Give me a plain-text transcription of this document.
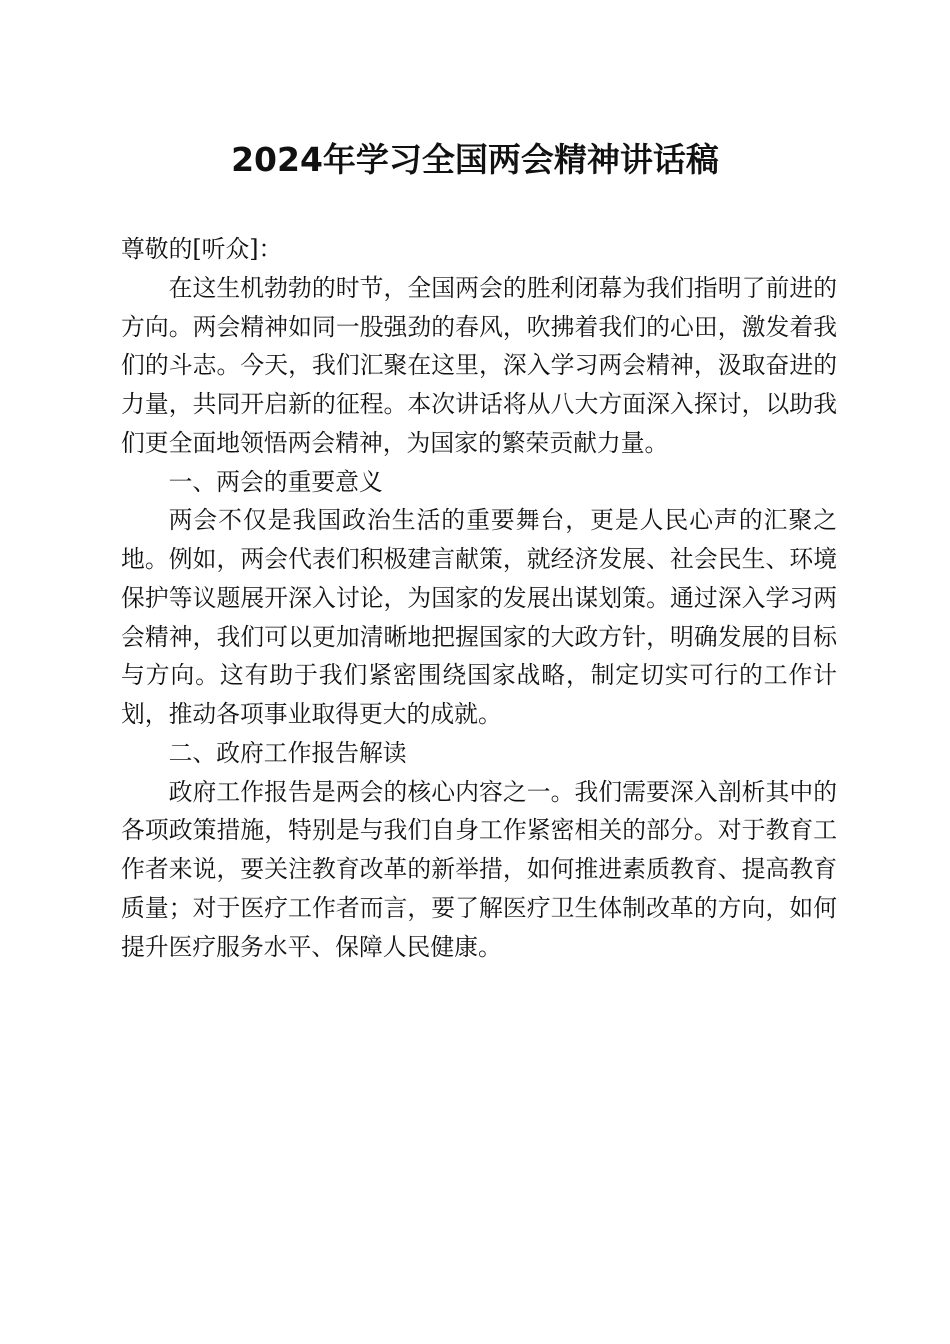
2024年学习全国两会精神讲话稿

尊敬的[听众]：

在这生机勃勃的时节，全国两会的胜利闭幕为我们指明了前进的方向。两会精神如同一股强劲的春风，吹拂着我们的心田，激发着我们的斗志。今天，我们汇聚在这里，深入学习两会精神，汲取奋进的力量，共同开启新的征程。本次讲话将从八大方面深入探讨，以助我们更全面地领悟两会精神，为国家的繁荣贡献力量。

一、两会的重要意义

两会不仅是我国政治生活的重要舞台，更是人民心声的汇聚之地。例如，两会代表们积极建言献策，就经济发展、社会民生、环境保护等议题展开深入讨论，为国家的发展出谋划策。通过深入学习两会精神，我们可以更加清晰地把握国家的大政方针，明确发展的目标与方向。这有助于我们紧密围绕国家战略，制定切实可行的工作计划，推动各项事业取得更大的成就。

二、政府工作报告解读

政府工作报告是两会的核心内容之一。我们需要深入剖析其中的各项政策措施，特别是与我们自身工作紧密相关的部分。对于教育工作者来说，要关注教育改革的新举措，如何推进素质教育、提高教育质量；对于医疗工作者而言，要了解医疗卫生体制改革的方向，如何提升医疗服务水平、保障人民健康。
